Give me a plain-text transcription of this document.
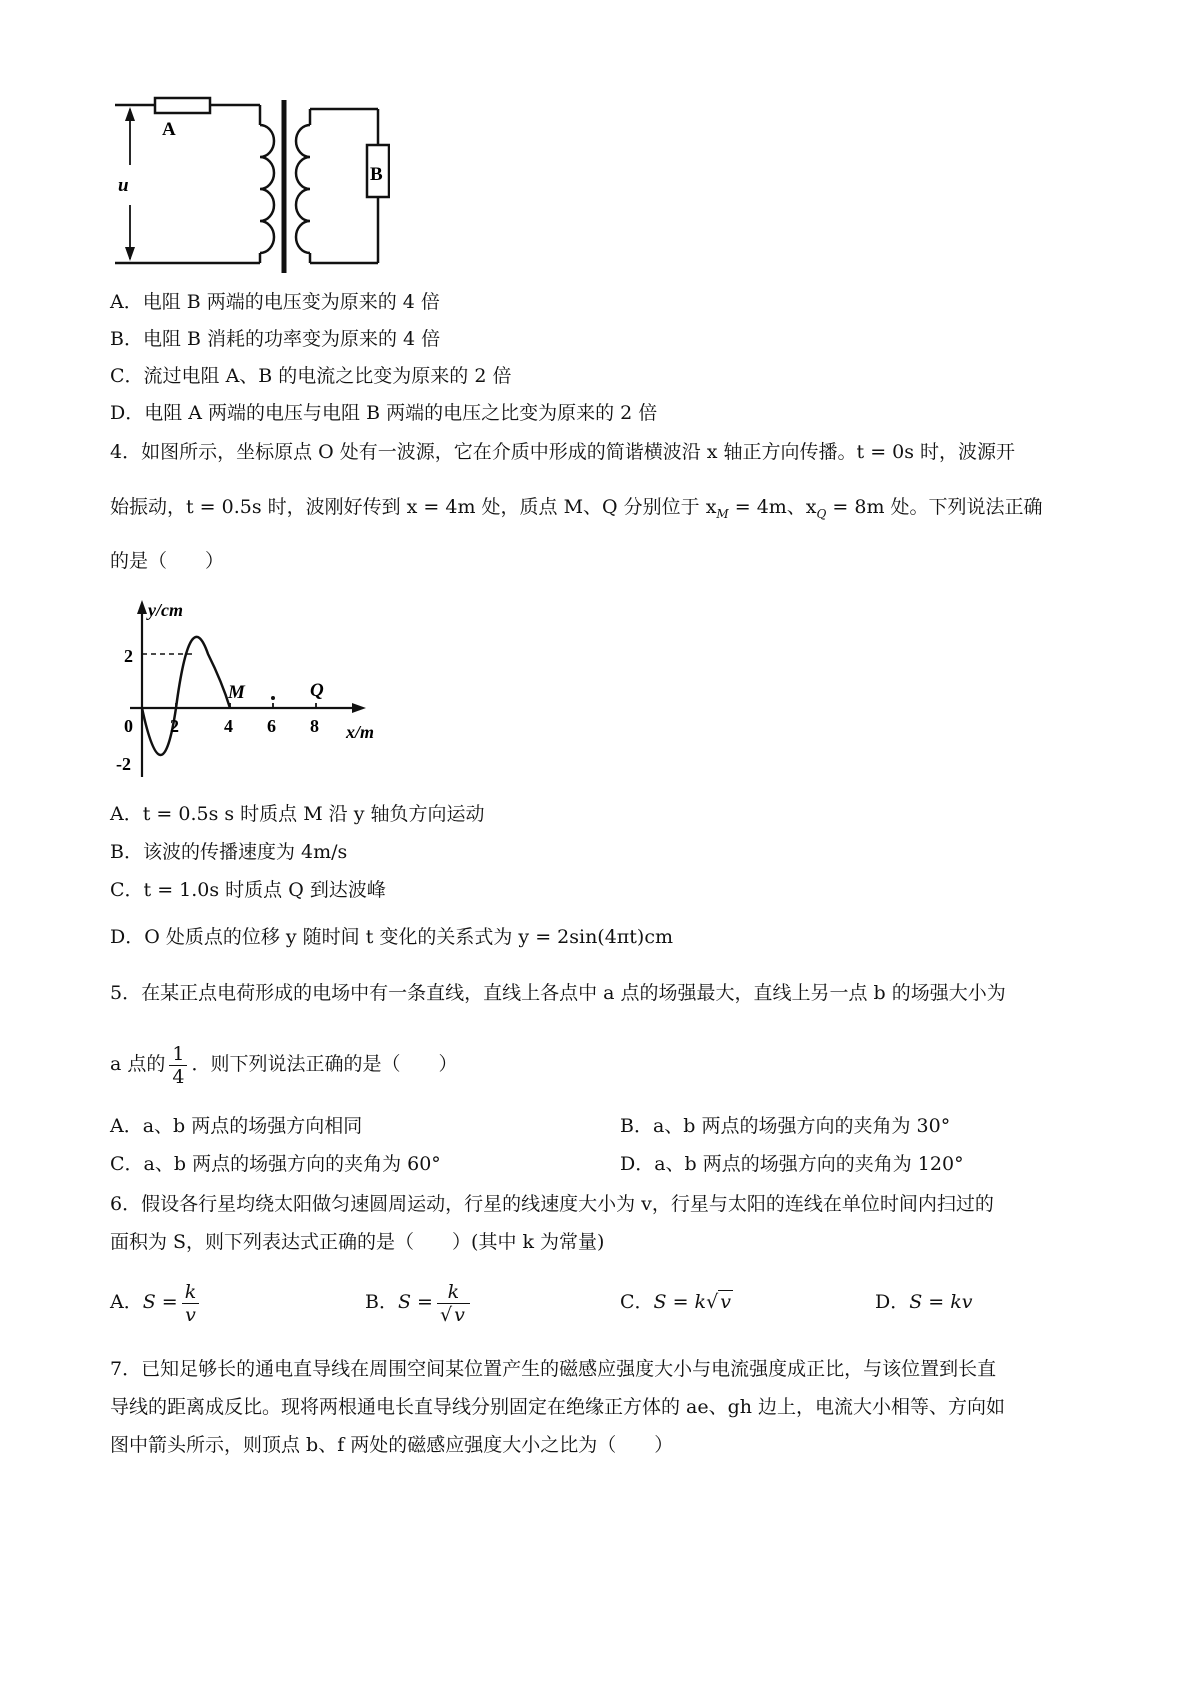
A
B
u
A．电阻 B 两端的电压变为原来的 4 倍
B．电阻 B 消耗的功率变为原来的 4 倍
C．流过电阻 A、B 的电流之比变为原来的 2 倍
D．电阻 A 两端的电压与电阻 B 两端的电压之比变为原来的 2 倍
4．如图所示，坐标原点 O 处有一波源，它在介质中形成的简谐横波沿 x 轴正方向传播。t = 0s 时，波源开
始振动，t = 0.5s 时，波刚好传到 x = 4m 处，质点 M、Q 分别位于 $x_M = 4m$、$x_Q = 8m$ 处。下列说法正确
的是（　　）
y/cm
x/m
0
2
-2
2	4 6 8
M	Q
A．t = 0.5s s 时质点 M 沿 y 轴负方向运动
B．该波的传播速度为 4m/s
C．t = 1.0s 时质点 Q 到达波峰
D．O 处质点的位移 y 随时间 t 变化的关系式为 y = 2sin(4πt)cm
5．在某正点电荷形成的电场中有一条直线，直线上各点中 a 点的场强最大，直线上另一点 b 的场强大小为
a 点的 $\frac{1}{4}$ ．则下列说法正确的是（　　）
A．a、b 两点的场强方向相同	B．a、b 两点的场强方向的夹角为 30°
C．a、b 两点的场强方向的夹角为 60°	D．a、b 两点的场强方向的夹角为 120°
6．假设各行星均绕太阳做匀速圆周运动，行星的线速度大小为 v，行星与太阳的连线在单位时间内扫过的
面积为 S，则下列表达式正确的是（　　）(其中 k 为常量)
A．$S = \frac{k}{v}$	B．$S = \frac{k}{√ v}$	C．S = k√ v	D．S = kv
7．已知足够长的通电直导线在周围空间某位置产生的磁感应强度大小与电流强度成正比，与该位置到长直
导线的距离成反比。现将两根通电长直导线分别固定在绝缘正方体的 ae、gh 边上，电流大小相等、方向如
图中箭头所示，则顶点 b、f 两处的磁感应强度大小之比为（　　）
